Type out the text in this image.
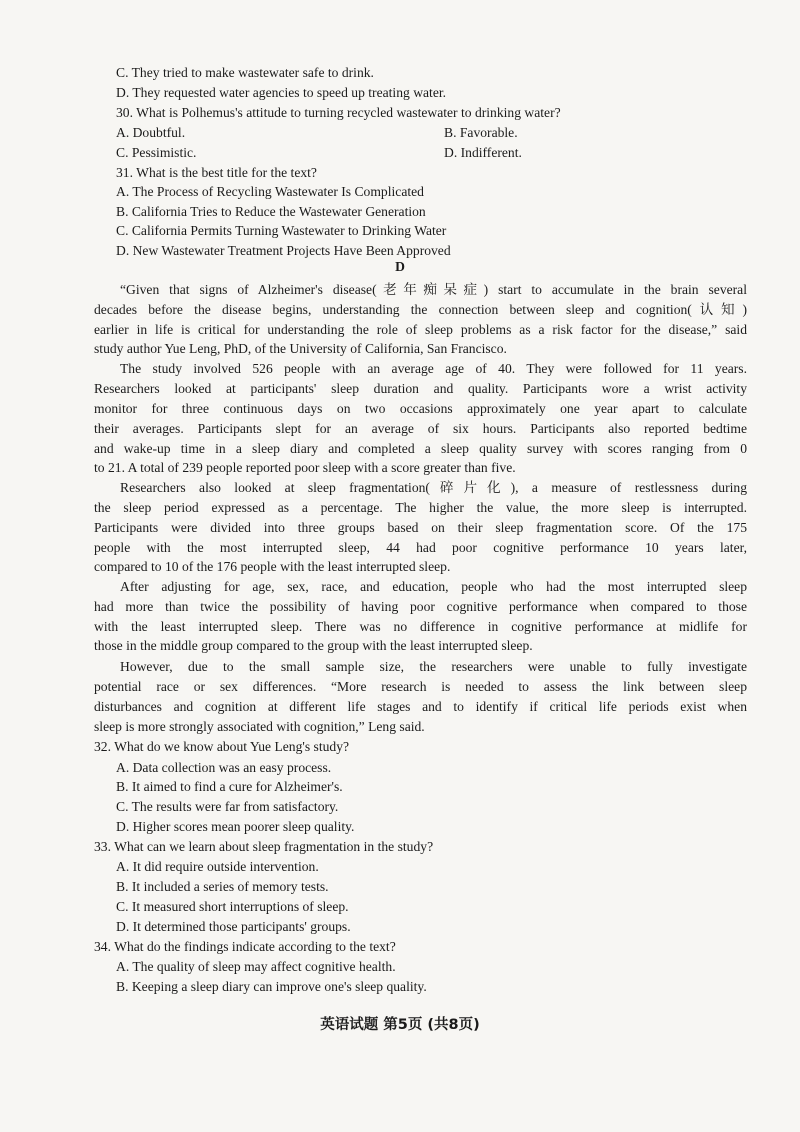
C. They tried to make wastewater safe to drink.

D. They requested water agencies to speed up treating water.

30. What is Polhemus's attitude to turning recycled wastewater to drinking water?

A. Doubtful.	B. Favorable.

C. Pessimistic.	D. Indifferent.

31. What is the best title for the text?

A. The Process of Recycling Wastewater Is Complicated

B. California Tries to Reduce the Wastewater Generation

C. California Permits Turning Wastewater to Drinking Water

D. New Wastewater Treatment Projects Have Been Approved

D

“Given that signs of Alzheimer's disease(老年痴呆症) start to accumulate in the brain several

decades before the disease begins, understanding the connection between sleep and cognition(认知)

earlier in life is critical for understanding the role of sleep problems as a risk factor for the disease,” said

study author Yue Leng, PhD, of the University of California, San Francisco.

The study involved 526 people with an average age of 40. They were followed for 11 years.

Researchers looked at participants' sleep duration and quality. Participants wore a wrist activity

monitor for three continuous days on two occasions approximately one year apart to calculate

their averages. Participants slept for an average of six hours. Participants also reported bedtime

and wake-up time in a sleep diary and completed a sleep quality survey with scores ranging from 0

to 21. A total of 239 people reported poor sleep with a score greater than five.

Researchers also looked at sleep fragmentation(碎片化), a measure of restlessness during

the sleep period expressed as a percentage. The higher the value, the more sleep is interrupted.

Participants were divided into three groups based on their sleep fragmentation score. Of the 175

people with the most interrupted sleep, 44 had poor cognitive performance 10 years later,

compared to 10 of the 176 people with the least interrupted sleep.

After adjusting for age, sex, race, and education, people who had the most interrupted sleep

had more than twice the possibility of having poor cognitive performance when compared to those

with the least interrupted sleep. There was no difference in cognitive performance at midlife for

those in the middle group compared to the group with the least interrupted sleep.

However, due to the small sample size, the researchers were unable to fully investigate

potential race or sex differences. “More research is needed to assess the link between sleep

disturbances and cognition at different life stages and to identify if critical life periods exist when

sleep is more strongly associated with cognition,” Leng said.

32. What do we know about Yue Leng's study?

A. Data collection was an easy process.

B. It aimed to find a cure for Alzheimer's.

C. The results were far from satisfactory.

D. Higher scores mean poorer sleep quality.

33. What can we learn about sleep fragmentation in the study?

A. It did require outside intervention.

B. It included a series of memory tests.

C. It measured short interruptions of sleep.

D. It determined those participants' groups.

34. What do the findings indicate according to the text?

A. The quality of sleep may affect cognitive health.

B. Keeping a sleep diary can improve one's sleep quality.

英语试题 第5页 (共8页)
